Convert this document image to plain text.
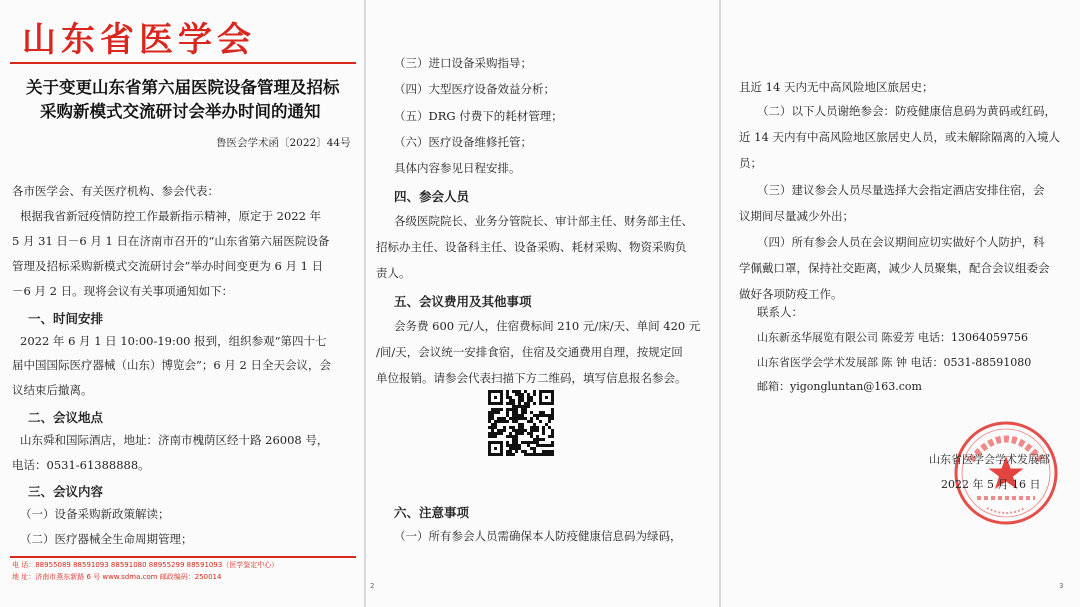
山东省医学会
关于变更山东省第六届医院设备管理及招标
采购新模式交流研讨会举办时间的通知
鲁医会学术函〔2022〕44号
各市医学会、有关医疗机构、参会代表：
根据我省新冠疫情防控工作最新指示精神，原定于 2022 年
5 月 31 日－6 月 1 日在济南市召开的“山东省第六届医院设备
管理及招标采购新模式交流研讨会”举办时间变更为 6 月 1 日
－6 月 2 日。现将会议有关事项通知如下：
一、时间安排
2022 年 6 月 1 日 10:00-19:00 报到，组织参观“第四十七
届中国国际医疗器械（山东）博览会”；6 月 2 日全天会议，会
议结束后撤离。
二、会议地点
山东舜和国际酒店，地址：济南市槐荫区经十路 26008 号，
电话：0531-61388888。
三、会议内容
（一）设备采购新政策解读；
（二）医疗器械全生命周期管理；
电 话：88955089 88591093 88591080 88955299 88591093（医学鉴定中心）
地 址：济南市燕东新路 6 号 www.sdma.com 邮政编码：250014
（三）进口设备采购指导；
（四）大型医疗设备效益分析；
（五）DRG 付费下的耗材管理；
（六）医疗设备维修托管；
具体内容参见日程安排。
四、参会人员
各级医院院长、业务分管院长、审计部主任、财务部主任、
招标办主任、设备科主任、设备采购、耗材采购、物资采购负
责人。
五、会议费用及其他事项
会务费 600 元/人，住宿费标间 210 元/床/天、单间 420 元
/间/天，会议统一安排食宿，住宿及交通费用自理，按规定回
单位报销。请参会代表扫描下方二维码，填写信息报名参会。
六、注意事项
（一）所有参会人员需确保本人防疫健康信息码为绿码，
2
且近 14 天内无中高风险地区旅居史；
（二）以下人员谢绝参会：防疫健康信息码为黄码或红码，
近 14 天内有中高风险地区旅居史人员，或未解除隔离的入境人
员；
（三）建议参会人员尽量选择大会指定酒店安排住宿，会
议期间尽量减少外出；
（四）所有参会人员在会议期间应切实做好个人防护，科
学佩戴口罩，保持社交距离，减少人员聚集，配合会议组委会
做好各项防疫工作。
联系人：
山东新丞华展览有限公司 陈爱芳 电话：13064059756
山东省医学会学术发展部 陈 钟 电话：0531-88591080
邮箱：yigongluntan@163.com
山东省医学会学术发展部
2022 年 5 月 16 日
3
